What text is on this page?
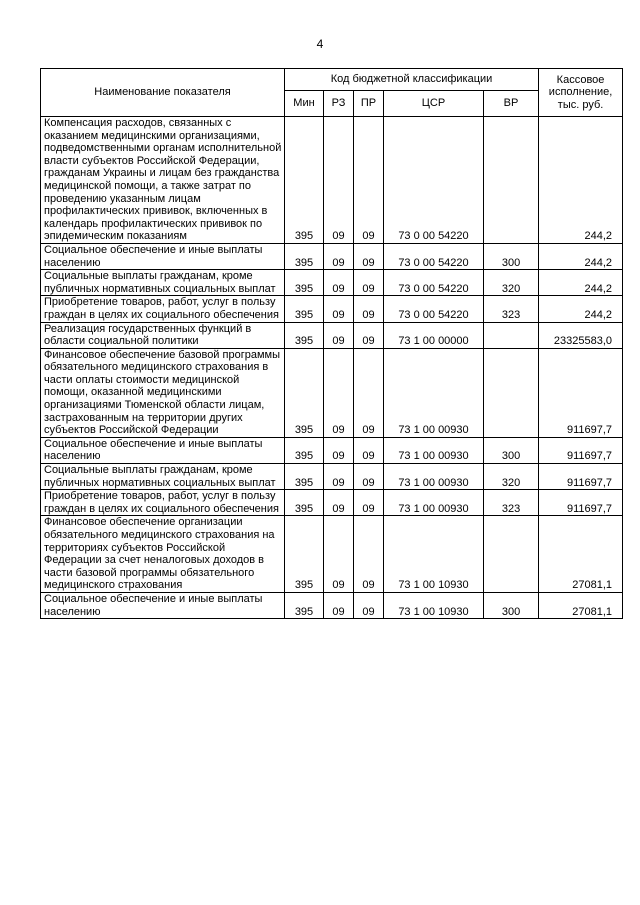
4
Наименование показателя	Код бюджетной классификации					Кассовое исполнение, тыс. руб.
	Мин	РЗ	ПР	ЦСР	ВР	
Компенсация расходов, связанных с оказанием медицинскими организациями, подведомственными органам исполнительной власти субъектов Российской Федерации, гражданам Украины и лицам без гражданства медицинской помощи, а также затрат по проведению указанным лицам профилактических прививок, включенных в календарь профилактических прививок по эпидемическим показаниям	395	09	09	73 0 00 54220		244,2
Социальное обеспечение и иные выплаты населению	395	09	09	73 0 00 54220	300	244,2
Социальные выплаты гражданам, кроме публичных нормативных социальных выплат	395	09	09	73 0 00 54220	320	244,2
Приобретение товаров, работ, услуг в пользу граждан в целях их социального обеспечения	395	09	09	73 0 00 54220	323	244,2
Реализация государственных функций в области социальной политики	395	09	09	73 1 00 00000		23325583,0
Финансовое обеспечение базовой программы обязательного медицинского страхования в части оплаты стоимости медицинской помощи, оказанной медицинскими организациями Тюменской области лицам, застрахованным на территории других субъектов Российской Федерации	395	09	09	73 1 00 00930		911697,7
Социальное обеспечение и иные выплаты населению	395	09	09	73 1 00 00930	300	911697,7
Социальные выплаты гражданам, кроме публичных нормативных социальных выплат	395	09	09	73 1 00 00930	320	911697,7
Приобретение товаров, работ, услуг в пользу граждан в целях их социального обеспечения	395	09	09	73 1 00 00930	323	911697,7
Финансовое обеспечение организации обязательного медицинского страхования на территориях субъектов Российской Федерации за счет неналоговых доходов в части базовой программы обязательного медицинского страхования	395	09	09	73 1 00 10930		27081,1
Социальное обеспечение и иные выплаты населению	395	09	09	73 1 00 10930	300	27081,1
